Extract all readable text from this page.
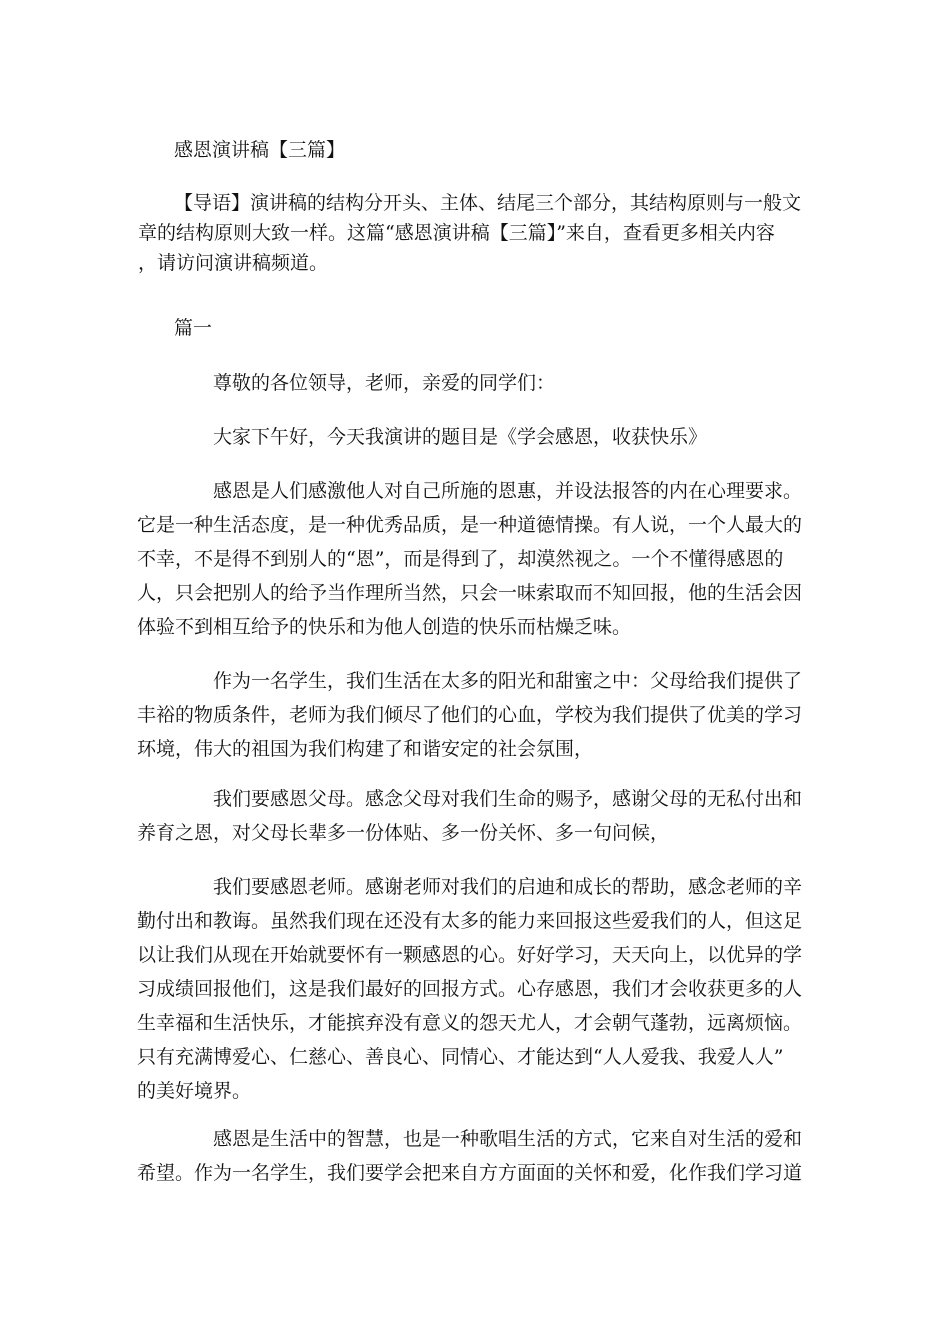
感恩演讲稿【三篇】
【导语】演讲稿的结构分开头、主体、结尾三个部分，其结构原则与一般文
章的结构原则大致一样。这篇“感恩演讲稿【三篇】”来自，查看更多相关内容
，请访问演讲稿频道。
篇一
尊敬的各位领导，老师，亲爱的同学们：
大家下午好，今天我演讲的题目是《学会感恩，收获快乐》
感恩是人们感激他人对自己所施的恩惠，并设法报答的内在心理要求。
它是一种生活态度，是一种优秀品质，是一种道德情操。有人说，一个人最大的
不幸，不是得不到别人的“恩”，而是得到了，却漠然视之。一个不懂得感恩的
人，只会把别人的给予当作理所当然，只会一味索取而不知回报，他的生活会因
体验不到相互给予的快乐和为他人创造的快乐而枯燥乏味。
作为一名学生，我们生活在太多的阳光和甜蜜之中：父母给我们提供了
丰裕的物质条件，老师为我们倾尽了他们的心血，学校为我们提供了优美的学习
环境，伟大的祖国为我们构建了和谐安定的社会氛围，
我们要感恩父母。感念父母对我们生命的赐予，感谢父母的无私付出和
养育之恩，对父母长辈多一份体贴、多一份关怀、多一句问候，
我们要感恩老师。感谢老师对我们的启迪和成长的帮助，感念老师的辛
勤付出和教诲。虽然我们现在还没有太多的能力来回报这些爱我们的人，但这足
以让我们从现在开始就要怀有一颗感恩的心。好好学习，天天向上，以优异的学
习成绩回报他们，这是我们最好的回报方式。心存感恩，我们才会收获更多的人
生幸福和生活快乐，才能摈弃没有意义的怨天尤人，才会朝气蓬勃，远离烦恼。
只有充满博爱心、仁慈心、善良心、同情心、才能达到“人人爱我、我爱人人”
的美好境界。
感恩是生活中的智慧，也是一种歌唱生活的方式，它来自对生活的爱和
希望。作为一名学生，我们要学会把来自方方面面的关怀和爱，化作我们学习道
